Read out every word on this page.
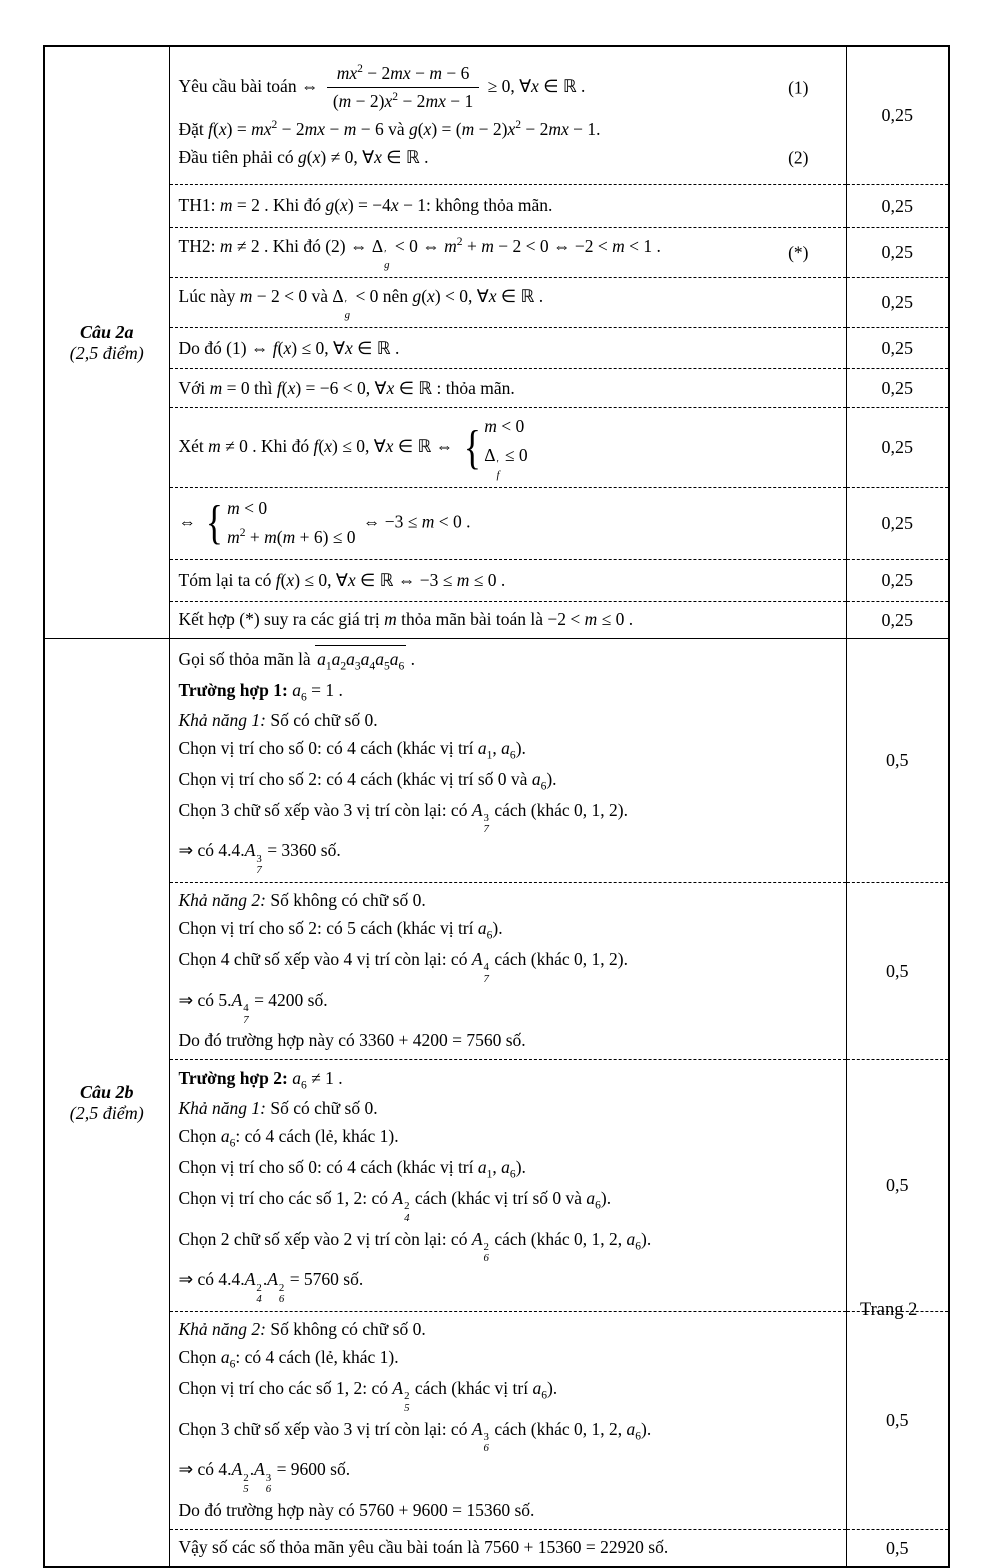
Câu 2a
(2,5 điểm)

Yêu cầu bài toán ⇔ $\frac{mx^2 - 2mx - m - 6}{(m - 2)x^2 - 2mx - 1} \ge 0$, ∀x ∈ ℝ .	(1)
Đặt $f(x) = mx^2 - 2mx - m - 6$ và $g(x) = (m - 2)x^2 - 2mx - 1$.
Đầu tiên phải có g(x) ≠ 0, ∀x ∈ ℝ .	(2)
	0,25

	TH1: m = 2 . Khi đó g(x) = −4x − 1: không thỏa mãn.	0,25

	TH2: m ≠ 2 . Khi đó (2) ⇔ Δ ′
g
< 0 ⇔ $m^2 + m - 2 < 0$ ⇔ −2 < m < 1 . (*)	0,25

	Lúc này m − 2 < 0 và Δ ′
g
< 0 nên g(x) < 0, ∀x ∈ ℝ .	0,25

	Do đó (1) ⇔ f(x) ≤ 0, ∀x ∈ ℝ .	0,25

	Với m = 0 thì f(x) = −6 < 0, ∀x ∈ ℝ : thỏa mãn.	0,25

Xét m ≠ 0 . Khi đó f(x) ≤ 0, ∀x ∈ ℝ ⇔ { m < 0
Δ ′
f
≤ 0	0,25

	⇔ { m < 0
$m^2 + m(m + 6) \le 0$
⇔ −3 ≤ m < 0 .	0,25

	Tóm lại ta có f(x) ≤ 0, ∀x ∈ ℝ ⇔ −3 ≤ m ≤ 0 .	0,25

	Kết hợp (*) suy ra các giá trị m thỏa mãn bài toán là −2 < m ≤ 0 .	0,25

Câu 2b
(2,5 điểm)

Gọi số thỏa mãn là $a_1a_2a_3a_4a_5a_6$ .
Trường hợp 1: $a_6 = 1$ .
Khả năng 1: Số có chữ số 0.
Chọn vị trí cho số 0: có 4 cách (khác vị trí $a_1$, $a_6$).
Chọn vị trí cho số 2: có 4 cách (khác vị trí số 0 và $a_6$).
Chọn 3 chữ số xếp vào 3 vị trí còn lại: có A 3
7
cách (khác 0, 1, 2).
⇒ có 4.4.A 3
7
= 3360 số.
	0,5

Khả năng 2: Số không có chữ số 0.
Chọn vị trí cho số 2: có 5 cách (khác vị trí $a_6$).
Chọn 4 chữ số xếp vào 4 vị trí còn lại: có A 4
7
cách (khác 0, 1, 2).
⇒ có 5.A 4
7
= 4200 số.
Do đó trường hợp này có 3360 + 4200 = 7560 số.
	0,5

Trường hợp 2: $a_6 \ne 1$ .
Khả năng 1: Số có chữ số 0.
Chọn $a_6$: có 4 cách (lẻ, khác 1).
Chọn vị trí cho số 0: có 4 cách (khác vị trí $a_1$, $a_6$).
Chọn vị trí cho các số 1, 2: có A 2
4
cách (khác vị trí số 0 và $a_6$).
Chọn 2 chữ số xếp vào 2 vị trí còn lại: có A 2
6
cách (khác 0, 1, 2, $a_6$).
⇒ có 4.4.A 2
4
.A 2
6
= 5760 số.
	0,5

Khả năng 2: Số không có chữ số 0.
Chọn $a_6$: có 4 cách (lẻ, khác 1).
Chọn vị trí cho các số 1, 2: có A 2
5
cách (khác vị trí $a_6$).
Chọn 3 chữ số xếp vào 3 vị trí còn lại: có A 3
6
cách (khác 0, 1, 2, $a_6$).
⇒ có 4.A 2
5
.A 3
6
= 9600 số.
Do đó trường hợp này có 5760 + 9600 = 15360 số.
	0,5

	Vậy số các số thỏa mãn yêu cầu bài toán là 7560 + 15360 = 22920 số.	0,5
Trang 2
